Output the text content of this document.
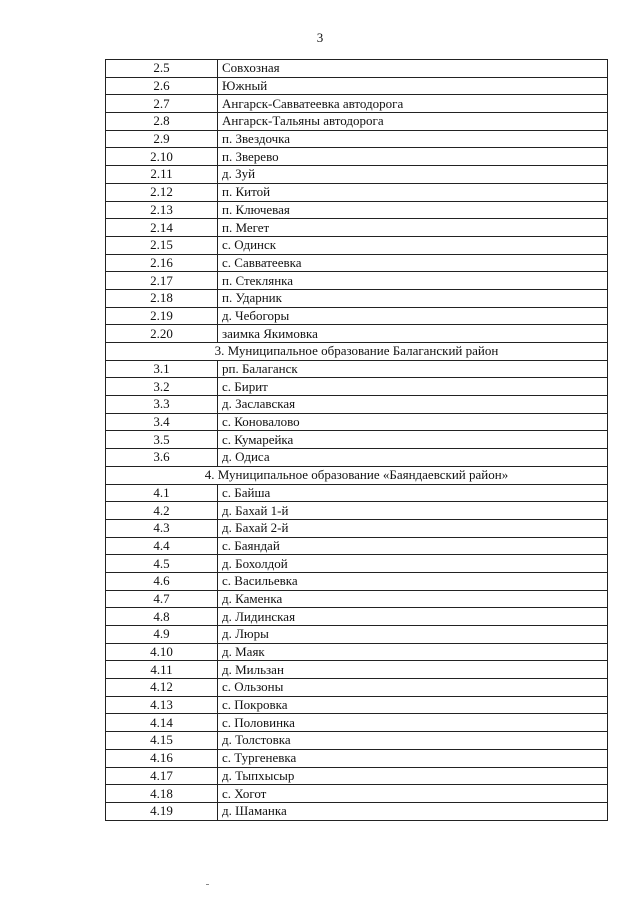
3
2.5	Совхозная
2.6	Южный
2.7	Ангарск-Савватеевка автодорога
2.8	Ангарск-Тальяны автодорога
2.9	п. Звездочка
2.10	п. Зверево
2.11	д. Зуй
2.12	п. Китой
2.13	п. Ключевая
2.14	п. Мегет
2.15	с. Одинск
2.16	с. Савватеевка
2.17	п. Стеклянка
2.18	п. Ударник
2.19	д. Чебогоры
2.20	заимка Якимовка
3. Муниципальное образование Балаганский район	
3.1	рп. Балаганск
3.2	с. Бирит
3.3	д. Заславская
3.4	с. Коновалово
3.5	с. Кумарейка
3.6	д. Одиса
4. Муниципальное образование «Баяндаевский район»	
4.1	с. Байша
4.2	д. Бахай 1-й
4.3	д. Бахай 2-й
4.4	с. Баяндай
4.5	д. Бохолдой
4.6	с. Васильевка
4.7	д. Каменка
4.8	д. Лидинская
4.9	д. Люры
4.10	д. Маяк
4.11	д. Мильзан
4.12	с. Ользоны
4.13	с. Покровка
4.14	с. Половинка
4.15	д. Толстовка
4.16	с. Тургеневка
4.17	д. Тыпхысыр
4.18	с. Хогот
4.19	д. Шаманка
